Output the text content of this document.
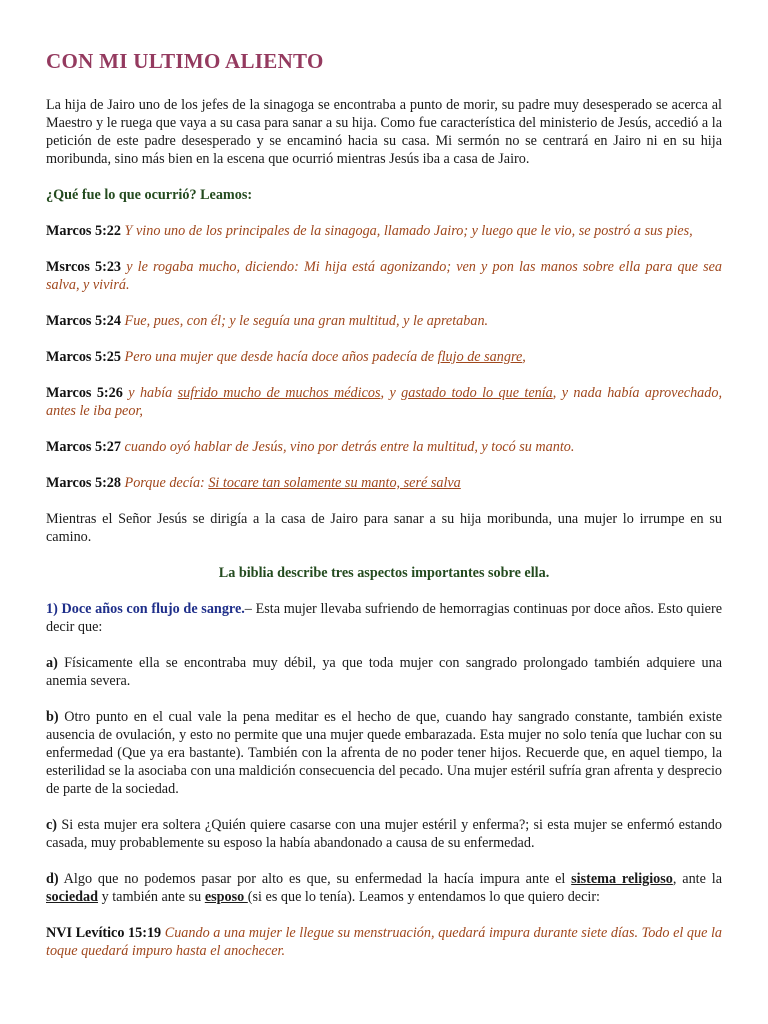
CON MI ULTIMO ALIENTO

La hija de Jairo uno de los jefes de la sinagoga se encontraba a punto de morir, su padre muy desesperado se acerca al Maestro y le ruega que vaya a su casa para sanar a su hija. Como fue característica del ministerio de Jesús, accedió a la petición de este padre desesperado y se encaminó hacia su casa. Mi sermón no se centrará en Jairo ni en su hija moribunda, sino más bien en la escena que ocurrió mientras Jesús iba a casa de Jairo.

¿Qué fue lo que ocurrió? Leamos:

Marcos 5:22 Y vino uno de los principales de la sinagoga, llamado Jairo; y luego que le vio, se postró a sus pies,

Msrcos 5:23 y le rogaba mucho, diciendo: Mi hija está agonizando; ven y pon las manos sobre ella para que sea salva, y vivirá.

Marcos 5:24 Fue, pues, con él; y le seguía una gran multitud, y le apretaban.

Marcos 5:25 Pero una mujer que desde hacía doce años padecía de flujo de sangre,

Marcos 5:26 y había sufrido mucho de muchos médicos, y gastado todo lo que tenía, y nada había aprovechado, antes le iba peor,

Marcos 5:27 cuando oyó hablar de Jesús, vino por detrás entre la multitud, y tocó su manto.

Marcos 5:28 Porque decía: Si tocare tan solamente su manto, seré salva

Mientras el Señor Jesús se dirigía a la casa de Jairo para sanar a su hija moribunda, una mujer lo irrumpe en su camino.

La biblia describe tres aspectos importantes sobre ella.

1) Doce años con flujo de sangre.– Esta mujer llevaba sufriendo de hemorragias continuas por doce años. Esto quiere decir que:

a) Físicamente ella se encontraba muy débil, ya que toda mujer con sangrado prolongado también adquiere una anemia severa.

b) Otro punto en el cual vale la pena meditar es el hecho de que, cuando hay sangrado constante, también existe ausencia de ovulación, y esto no permite que una mujer quede embarazada. Esta mujer no solo tenía que luchar con su enfermedad (Que ya era bastante). También con la afrenta de no poder tener hijos. Recuerde que, en aquel tiempo, la esterilidad se la asociaba con una maldición consecuencia del pecado. Una mujer estéril sufría gran afrenta y desprecio de parte de la sociedad.

c) Si esta mujer era soltera ¿Quién quiere casarse con una mujer estéril y enferma?; si esta mujer se enfermó estando casada, muy probablemente su esposo la había abandonado a causa de su enfermedad.

d) Algo que no podemos pasar por alto es que, su enfermedad la hacía impura ante el sistema religioso, ante la sociedad y también ante su esposo (si es que lo tenía). Leamos y entendamos lo que quiero decir:

NVI Levítico 15:19 Cuando a una mujer le llegue su menstruación, quedará impura durante siete días. Todo el que la toque quedará impuro hasta el anochecer.
